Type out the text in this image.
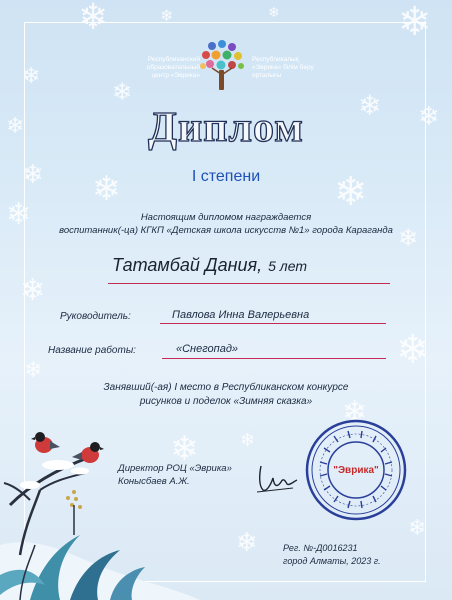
❄	❄	❄	❄
❄
❄	❄ ❄
❄
❄ ❄	❄
❄
❄
❄
❄
❄
❄
❄
❄
❄
❄
Республиканский
образовательный
центр «Эврика»
Республикалық
«Эврика» білім беру
орталығы
Диплом
I степени
Настоящим дипломом награждается
воспитанник(-ца) КГКП «Детская школа искусств №1» города Караганда
Татамбай Дания, 5 лет
Руководитель:	Павлова Инна Валерьевна
Название работы:	«Снегопад»
Занявший(-ая) I место в Республиканском конкурсе
рисунков и поделок «Зимняя сказка»
Директор РОЦ «Эврика»
Конысбаев А.Ж.
"Эврика"
Рег. №-Д0016231
город Алматы, 2023 г.
